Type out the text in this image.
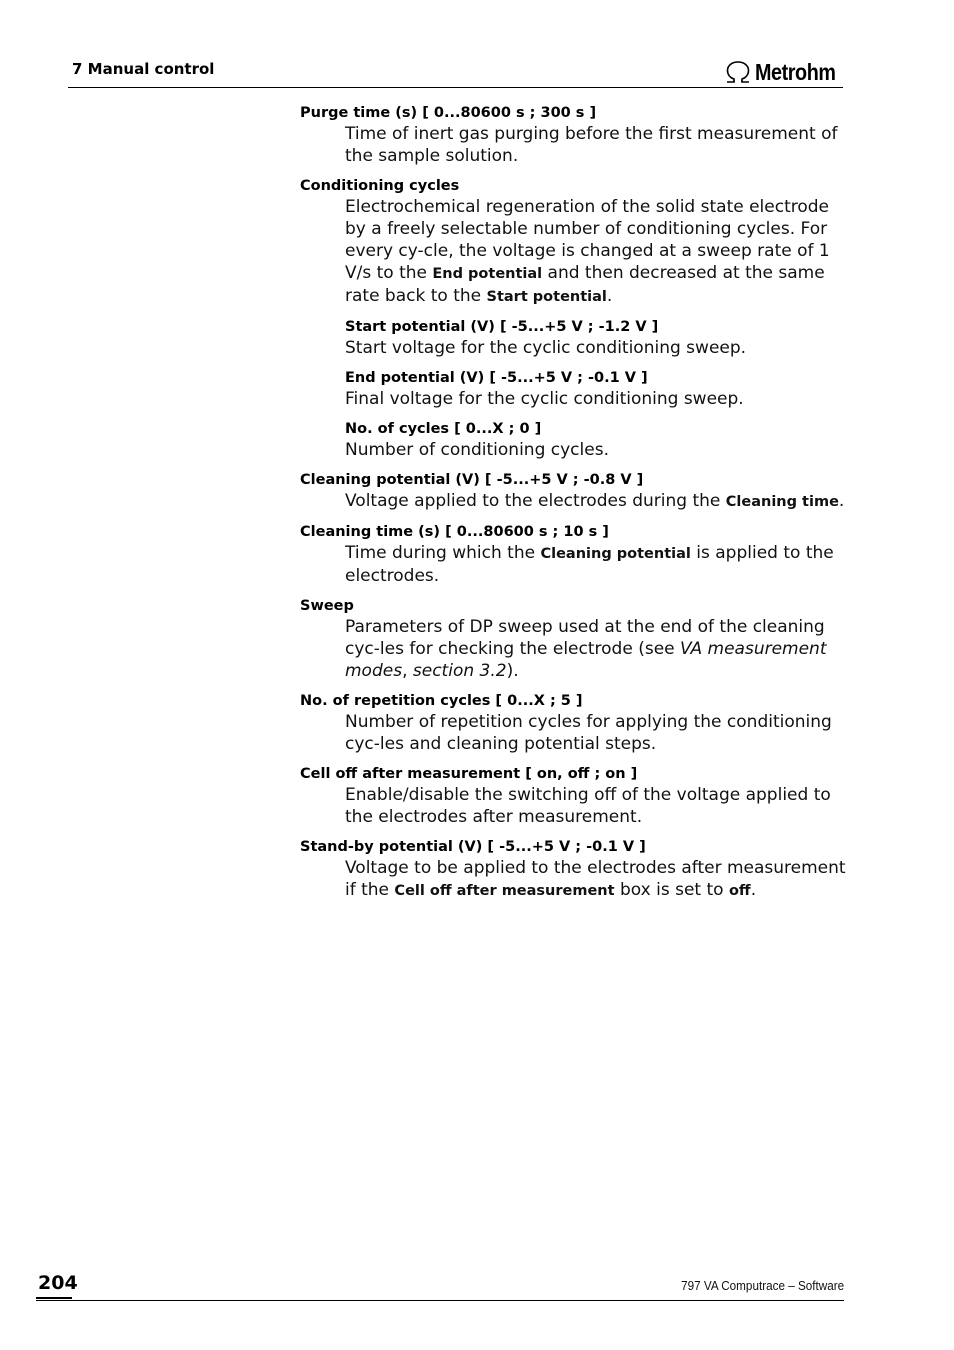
7 Manual control	Metrohm
Purge time (s) [ 0...80600 s ; 300 s ]
Time of inert gas purging before the first measurement of the sample solution.
Conditioning cycles
Electrochemical regeneration of the solid state electrode by a freely selectable number of conditioning cycles. For every cy-cle, the voltage is changed at a sweep rate of 1 V/s to the End potential and then decreased at the same rate back to the Start potential.
Start potential (V) [ -5...+5 V ; -1.2 V ]
Start voltage for the cyclic conditioning sweep.
End potential (V) [ -5...+5 V ; -0.1 V ]
Final voltage for the cyclic conditioning sweep.
No. of cycles [ 0...X ; 0 ]
Number of conditioning cycles.
Cleaning potential (V) [ -5...+5 V ; -0.8 V ]
Voltage applied to the electrodes during the Cleaning time.
Cleaning time (s) [ 0...80600 s ; 10 s ]
Time during which the Cleaning potential is applied to the electrodes.
Sweep
Parameters of DP sweep used at the end of the cleaning cyc-les for checking the electrode (see VA measurement modes, section 3.2).
No. of repetition cycles [ 0...X ; 5 ]
Number of repetition cycles for applying the conditioning cyc-les and cleaning potential steps.
Cell off after measurement [ on, off ; on ]
Enable/disable the switching off of the voltage applied to the electrodes after measurement.
Stand-by potential (V) [ -5...+5 V ; -0.1 V ]
Voltage to be applied to the electrodes after measurement if the Cell off after measurement box is set to off.
204	797 VA Computrace – Software
